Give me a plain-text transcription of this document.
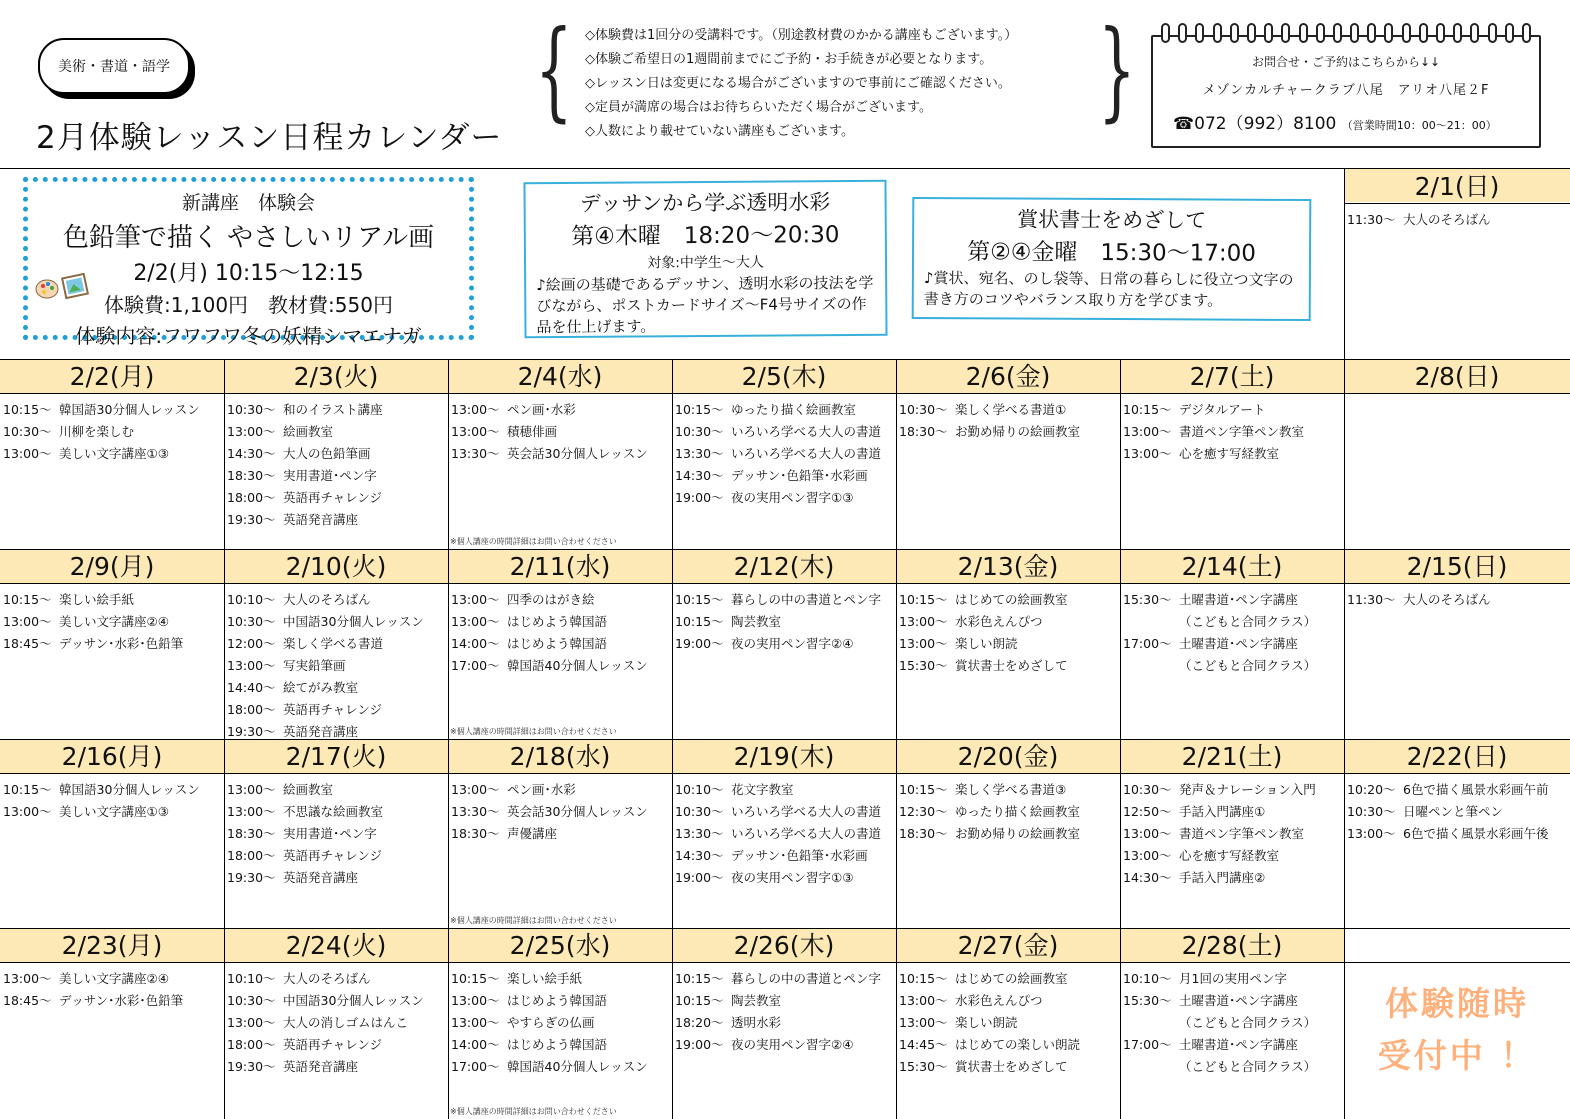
美術・書道・語学
2月体験レッスン日程カレンダー
{ ◇体験費は1回分の受講料です。（別途教材費のかかる講座もございます。）
◇体験ご希望日の1週間前までにご予約・お手続きが必要となります。
◇レッスン日は変更になる場合がございますので事前にご確認ください。
◇定員が満席の場合はお待ちらいただく場合がございます。
◇人数により載せていない講座もございます。	}	お問合せ・ご予約はこちらから↓↓
メゾンカルチャークラブ八尾　アリオ八尾２F
☎072（992）8100 （営業時間10：00～21：00）
新講座　体験会
色鉛筆で描く やさしいリアル画
2/2(月) 10:15～12:15
体験費:1,100円　教材費:550円
体験内容:フワフワ冬の妖精シマエナガ
デッサンから学ぶ透明水彩
第④木曜　18:20～20:30
対象:中学生～大人
♪絵画の基礎であるデッサン、透明水彩の技法を学びながら、ポストカードサイズ～F4号サイズの作品を仕上げます。
賞状書士をめざして
第②④金曜　15:30～17:00
♪賞状、宛名、のし袋等、日常の暮らしに役立つ文字の書き方のコツやバランス取り方を学びます。
2/1(日)
11:30～ 大人のそろばん
2/2(月)
10:15～ 韓国語30分個人レッスン
10:30～ 川柳を楽しむ
13:00～ 美しい文字講座①③
2/3(火)
10:30～ 和のイラスト講座
13:00～ 絵画教室
14:30～ 大人の色鉛筆画
18:30～ 実用書道･ペン字
18:00～ 英語再チャレンジ
19:30～ 英語発音講座
2/4(水)
13:00～ ペン画･水彩
13:00～ 積穂俳画
13:30～ 英会話30分個人レッスン
※個人講座の時間詳細はお問い合わせください
2/5(木)
10:15～ ゆったり描く絵画教室
10:30～ いろいろ学べる大人の書道
13:30～ いろいろ学べる大人の書道
14:30～ デッサン･色鉛筆･水彩画
19:00～ 夜の実用ペン習字①③
2/6(金)
10:30～ 楽しく学べる書道①
18:30～ お勤め帰りの絵画教室
2/7(土)
10:15～ デジタルアート
13:00～ 書道ペン字筆ペン教室
13:00～ 心を癒す写経教室
2/8(日)
2/9(月)
10:15～ 楽しい絵手紙
13:00～ 美しい文字講座②④
18:45～ デッサン･水彩･色鉛筆
2/10(火)
10:10～ 大人のそろばん
10:30～ 中国語30分個人レッスン
12:00～ 楽しく学べる書道
13:00～ 写実鉛筆画
14:40～ 絵てがみ教室
18:00～ 英語再チャレンジ
19:30～ 英語発音講座
2/11(水)
13:00～ 四季のはがき絵
13:00～ はじめよう韓国語
14:00～ はじめよう韓国語
17:00～ 韓国語40分個人レッスン
※個人講座の時間詳細はお問い合わせください
2/12(木)
10:15～ 暮らしの中の書道とペン字
10:15～ 陶芸教室
19:00～ 夜の実用ペン習字②④
2/13(金)
10:15～ はじめての絵画教室
13:00～ 水彩色えんぴつ
13:00～ 楽しい朗読
15:30～ 賞状書士をめざして
2/14(土)
15:30～ 土曜書道･ペン字講座
（こどもと合同クラス）
17:00～ 土曜書道･ペン字講座
（こどもと合同クラス）
2/15(日)
11:30～ 大人のそろばん
2/16(月)
10:15～ 韓国語30分個人レッスン
13:00～ 美しい文字講座①③
2/17(火)
13:00～ 絵画教室
13:00～ 不思議な絵画教室
18:30～ 実用書道･ペン字
18:00～ 英語再チャレンジ
19:30～ 英語発音講座
2/18(水)
13:00～ ペン画･水彩
13:30～ 英会話30分個人レッスン
18:30～ 声優講座
※個人講座の時間詳細はお問い合わせください
2/19(木)
10:10～ 花文字教室
10:30～ いろいろ学べる大人の書道
13:30～ いろいろ学べる大人の書道
14:30～ デッサン･色鉛筆･水彩画
19:00～ 夜の実用ペン習字①③
2/20(金)
10:15～ 楽しく学べる書道③
12:30～ ゆったり描く絵画教室
18:30～ お勤め帰りの絵画教室
2/21(土)
10:30～ 発声＆ナレーション入門
12:50～ 手話入門講座①
13:00～ 書道ペン字筆ペン教室
13:00～ 心を癒す写経教室
14:30～ 手話入門講座②
2/22(日)
10:20～ 6色で描く風景水彩画午前
10:30～ 日曜ペンと筆ペン
13:00～ 6色で描く風景水彩画午後
2/23(月)
13:00～ 美しい文字講座②④
18:45～ デッサン･水彩･色鉛筆
2/24(火)
10:10～ 大人のそろばん
10:30～ 中国語30分個人レッスン
13:00～ 大人の消しゴムはんこ
18:00～ 英語再チャレンジ
19:30～ 英語発音講座
2/25(水)
10:15～ 楽しい絵手紙
13:00～ はじめよう韓国語
13:00～ やすらぎの仏画
14:00～ はじめよう韓国語
17:00～ 韓国語40分個人レッスン
※個人講座の時間詳細はお問い合わせください
2/26(木)
10:15～ 暮らしの中の書道とペン字
10:15～ 陶芸教室
18:20～ 透明水彩
19:00～ 夜の実用ペン習字②④
2/27(金)
10:15～ はじめての絵画教室
13:00～ 水彩色えんぴつ
13:00～ 楽しい朗読
14:45～ はじめての楽しい朗読
15:30～ 賞状書士をめざして
2/28(土)
10:10～ 月1回の実用ペン字
15:30～ 土曜書道･ペン字講座
（こどもと合同クラス）
17:00～ 土曜書道･ペン字講座
（こどもと合同クラス）
体験随時
受付中 ！
